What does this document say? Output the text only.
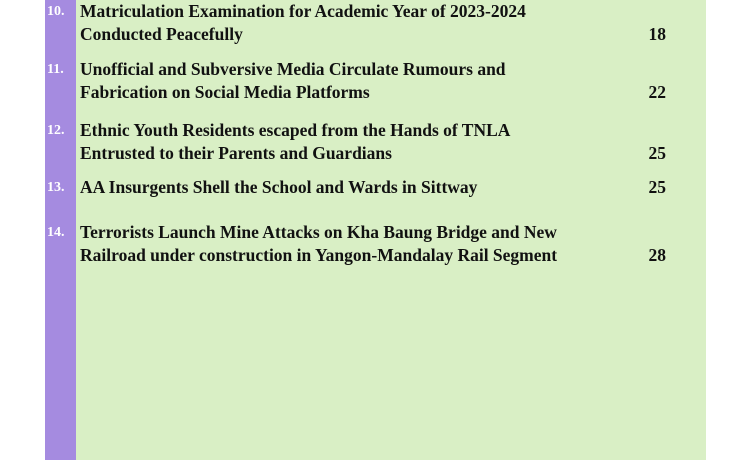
10. Matriculation Examination for Academic Year of 2023-2024
Conducted Peacefully	18
11. Unofficial and Subversive Media Circulate Rumours and
Fabrication on Social Media Platforms	22
12. Ethnic Youth Residents escaped from the Hands of TNLA
Entrusted to their Parents and Guardians	25
13. AA Insurgents Shell the School and Wards in Sittway	25
14. Terrorists Launch Mine Attacks on Kha Baung Bridge and New
Railroad under construction in Yangon-Mandalay Rail Segment	28
